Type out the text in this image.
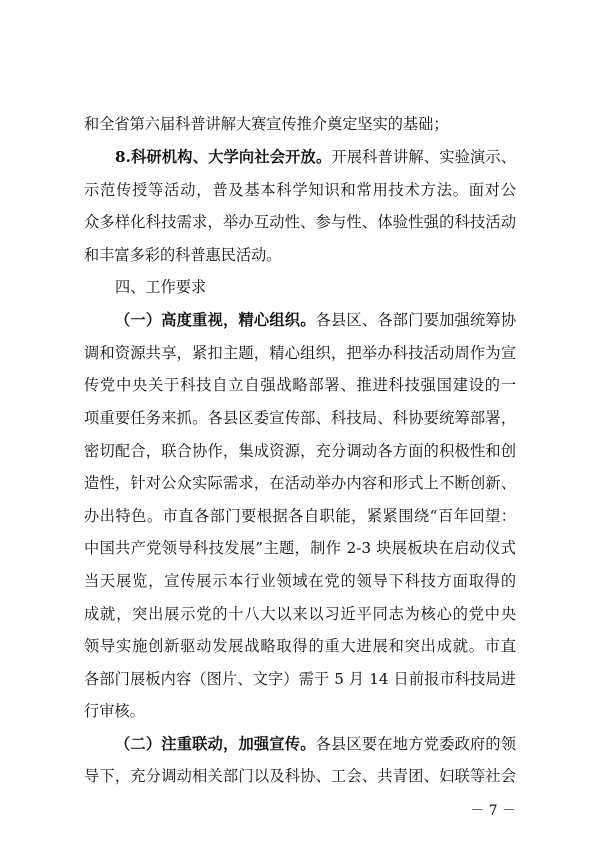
和全省第六届科普讲解大赛宣传推介奠定坚实的基础；
8.科研机构、大学向社会开放。开展科普讲解、实验演示、
示范传授等活动，普及基本科学知识和常用技术方法。面对公
众多样化科技需求，举办互动性、参与性、体验性强的科技活动
和丰富多彩的科普惠民活动。
四、工作要求
（一）高度重视，精心组织。各县区、各部门要加强统筹协
调和资源共享，紧扣主题，精心组织，把举办科技活动周作为宣
传党中央关于科技自立自强战略部署、推进科技强国建设的一
项重要任务来抓。各县区委宣传部、科技局、科协要统筹部署，
密切配合，联合协作，集成资源，充分调动各方面的积极性和创
造性，针对公众实际需求，在活动举办内容和形式上不断创新、
办出特色。市直各部门要根据各自职能，紧紧围绕“百年回望：
中国共产党领导科技发展”主题，制作 2-3 块展板块在启动仪式
当天展览，宣传展示本行业领域在党的领导下科技方面取得的
成就，突出展示党的十八大以来以习近平同志为核心的党中央
领导实施创新驱动发展战略取得的重大进展和突出成就。市直
各部门展板内容（图片、文字）需于 5 月 14 日前报市科技局进
行审核。
（二）注重联动，加强宣传。各县区要在地方党委政府的领
导下，充分调动相关部门以及科协、工会、共青团、妇联等社会
－ 7 －
